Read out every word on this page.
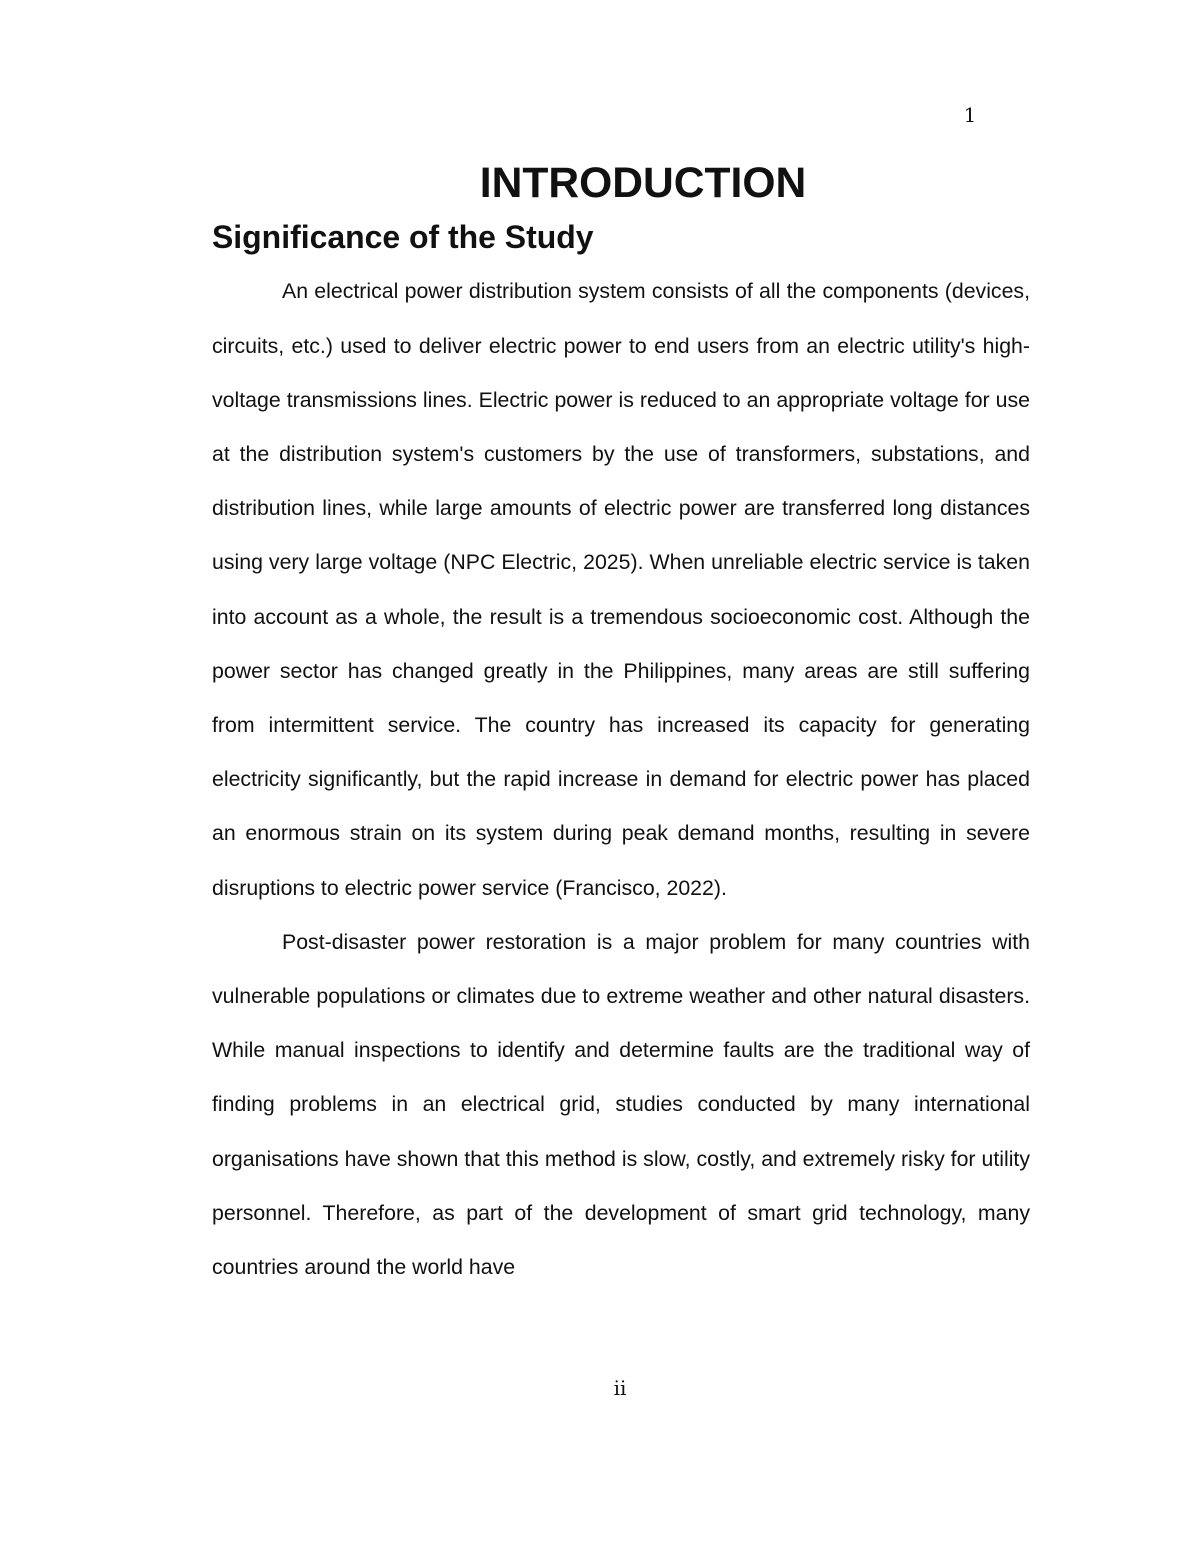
1
INTRODUCTION
Significance of the Study

An electrical power distribution system consists of all the components (devices, circuits, etc.) used to deliver electric power to end users from an electric utility's high-voltage transmissions lines. Electric power is reduced to an appropriate voltage for use at the distribution system's customers by the use of transformers, substations, and distribution lines, while large amounts of electric power are transferred long distances using very large voltage (NPC Electric, 2025). When unreliable electric service is taken into account as a whole, the result is a tremendous socioeconomic cost. Although the power sector has changed greatly in the Philippines, many areas are still suffering from intermittent service. The country has increased its capacity for generating electricity significantly, but the rapid increase in demand for electric power has placed an enormous strain on its system during peak demand months, resulting in severe disruptions to electric power service (Francisco, 2022).

Post-disaster power restoration is a major problem for many countries with vulnerable populations or climates due to extreme weather and other natural disasters. While manual inspections to identify and determine faults are the traditional way of finding problems in an electrical grid, studies conducted by many international organisations have shown that this method is slow, costly, and extremely risky for utility personnel. Therefore, as part of the development of smart grid technology, many countries around the world have

ii
